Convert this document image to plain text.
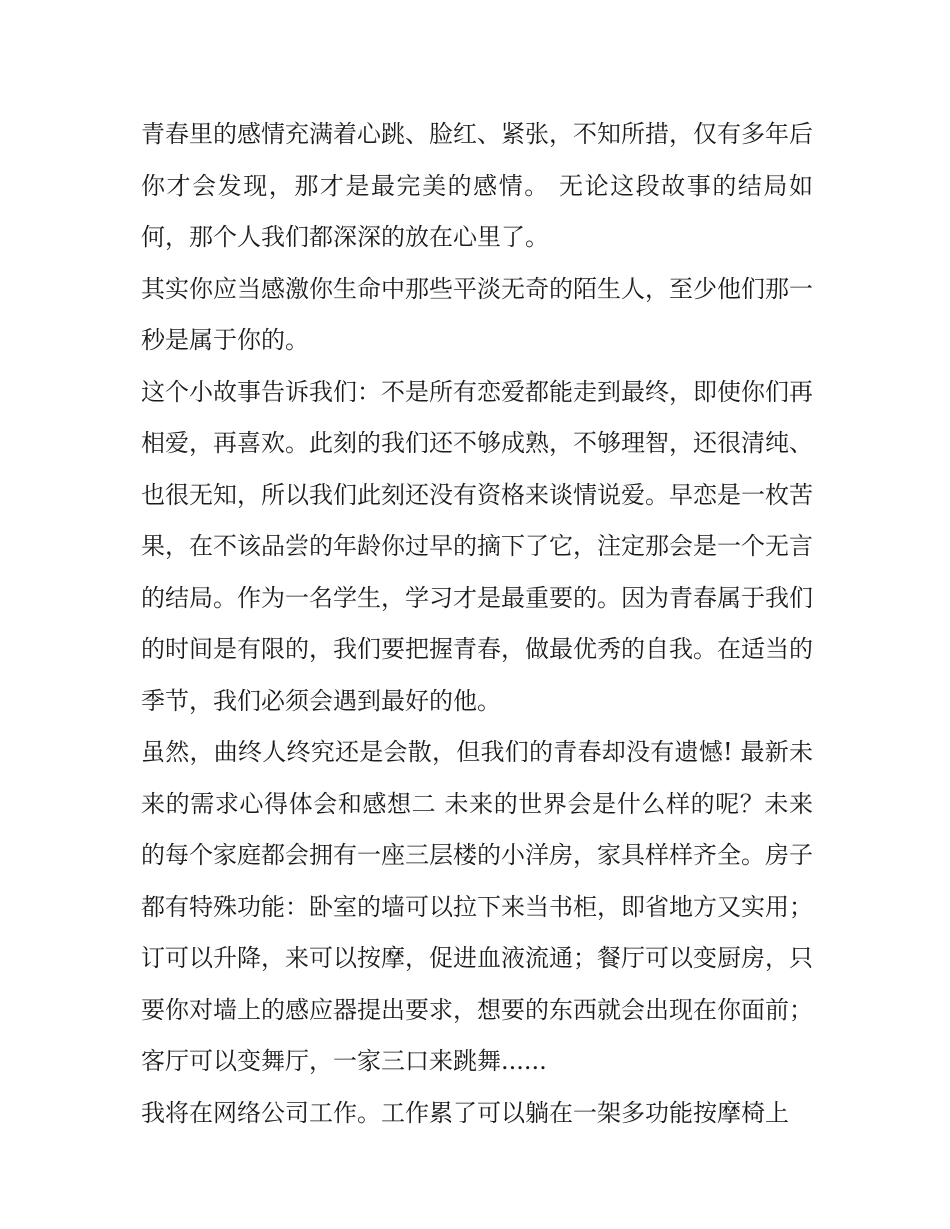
青春里的感情充满着心跳、脸红、紧张，不知所措，仅有多年后你才会发现，那才是最完美的感情。 无论这段故事的结局如何，那个人我们都深深的放在心里了。

其实你应当感激你生命中那些平淡无奇的陌生人，至少他们那一秒是属于你的。

这个小故事告诉我们：不是所有恋爱都能走到最终，即使你们再相爱，再喜欢。此刻的我们还不够成熟，不够理智，还很清纯、也很无知，所以我们此刻还没有资格来谈情说爱。早恋是一枚苦果，在不该品尝的年龄你过早的摘下了它，注定那会是一个无言的结局。作为一名学生，学习才是最重要的。因为青春属于我们的时间是有限的，我们要把握青春，做最优秀的自我。在适当的季节，我们必须会遇到最好的他。

虽然，曲终人终究还是会散，但我们的青春却没有遗憾! 最新未来的需求心得体会和感想二 未来的世界会是什么样的呢？未来的每个家庭都会拥有一座三层楼的小洋房，家具样样齐全。房子都有特殊功能：卧室的墙可以拉下来当书柜，即省地方又实用；订可以升降，来可以按摩，促进血液流通；餐厅可以变厨房，只要你对墙上的感应器提出要求，想要的东西就会出现在你面前；客厅可以变舞厅，一家三口来跳舞......

我将在网络公司工作。工作累了可以躺在一架多功能按摩椅上
